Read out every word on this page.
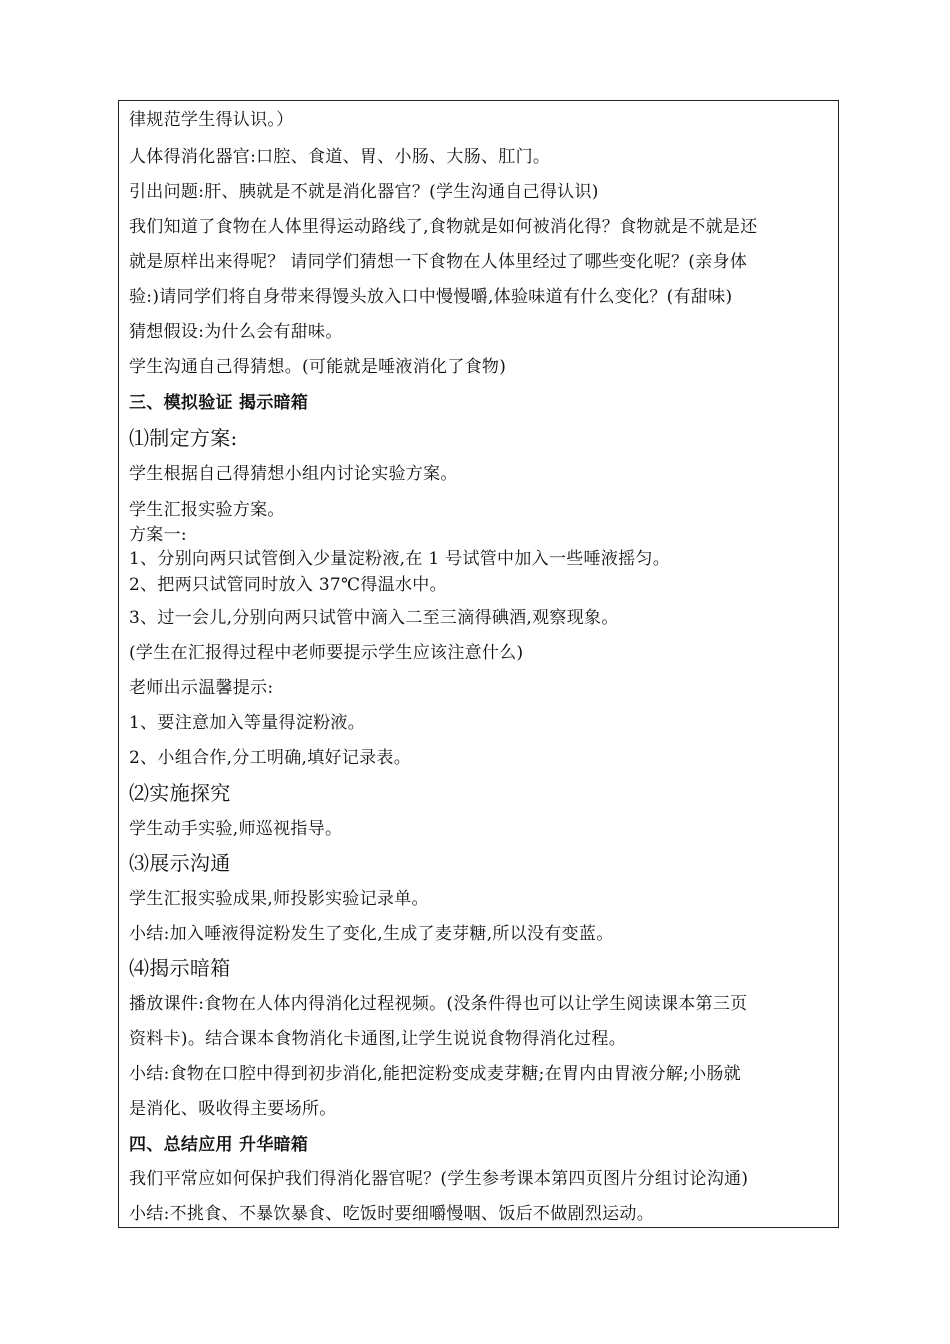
律规范学生得认识。）
人体得消化器官:口腔、食道、胃、小肠、大肠、肛门。
引出问题:肝、胰就是不就是消化器官？(学生沟通自己得认识)
我们知道了食物在人体里得运动路线了,食物就是如何被消化得？食物就是不就是还
就是原样出来得呢？ 请同学们猜想一下食物在人体里经过了哪些变化呢？(亲身体
验:)请同学们将自身带来得馒头放入口中慢慢嚼,体验味道有什么变化？(有甜味)
猜想假设:为什么会有甜味。
学生沟通自己得猜想。(可能就是唾液消化了食物)
三、模拟验证 揭示暗箱
⑴制定方案:
学生根据自己得猜想小组内讨论实验方案。
学生汇报实验方案。
方案一:
1、分别向两只试管倒入少量淀粉液,在 1 号试管中加入一些唾液摇匀。
2、把两只试管同时放入 37℃得温水中。
3、过一会儿,分别向两只试管中滴入二至三滴得碘酒,观察现象。
(学生在汇报得过程中老师要提示学生应该注意什么)
老师出示温馨提示:
1、要注意加入等量得淀粉液。
2、小组合作,分工明确,填好记录表。
⑵实施探究
学生动手实验,师巡视指导。
⑶展示沟通
学生汇报实验成果,师投影实验记录单。
小结:加入唾液得淀粉发生了变化,生成了麦芽糖,所以没有变蓝。
⑷揭示暗箱
播放课件:食物在人体内得消化过程视频。(没条件得也可以让学生阅读课本第三页
资料卡)。结合课本食物消化卡通图,让学生说说食物得消化过程。
小结:食物在口腔中得到初步消化,能把淀粉变成麦芽糖;在胃内由胃液分解;小肠就
是消化、吸收得主要场所。
四、总结应用 升华暗箱
我们平常应如何保护我们得消化器官呢？(学生参考课本第四页图片分组讨论沟通)
小结:不挑食、不暴饮暴食、吃饭时要细嚼慢咽、饭后不做剧烈运动。
